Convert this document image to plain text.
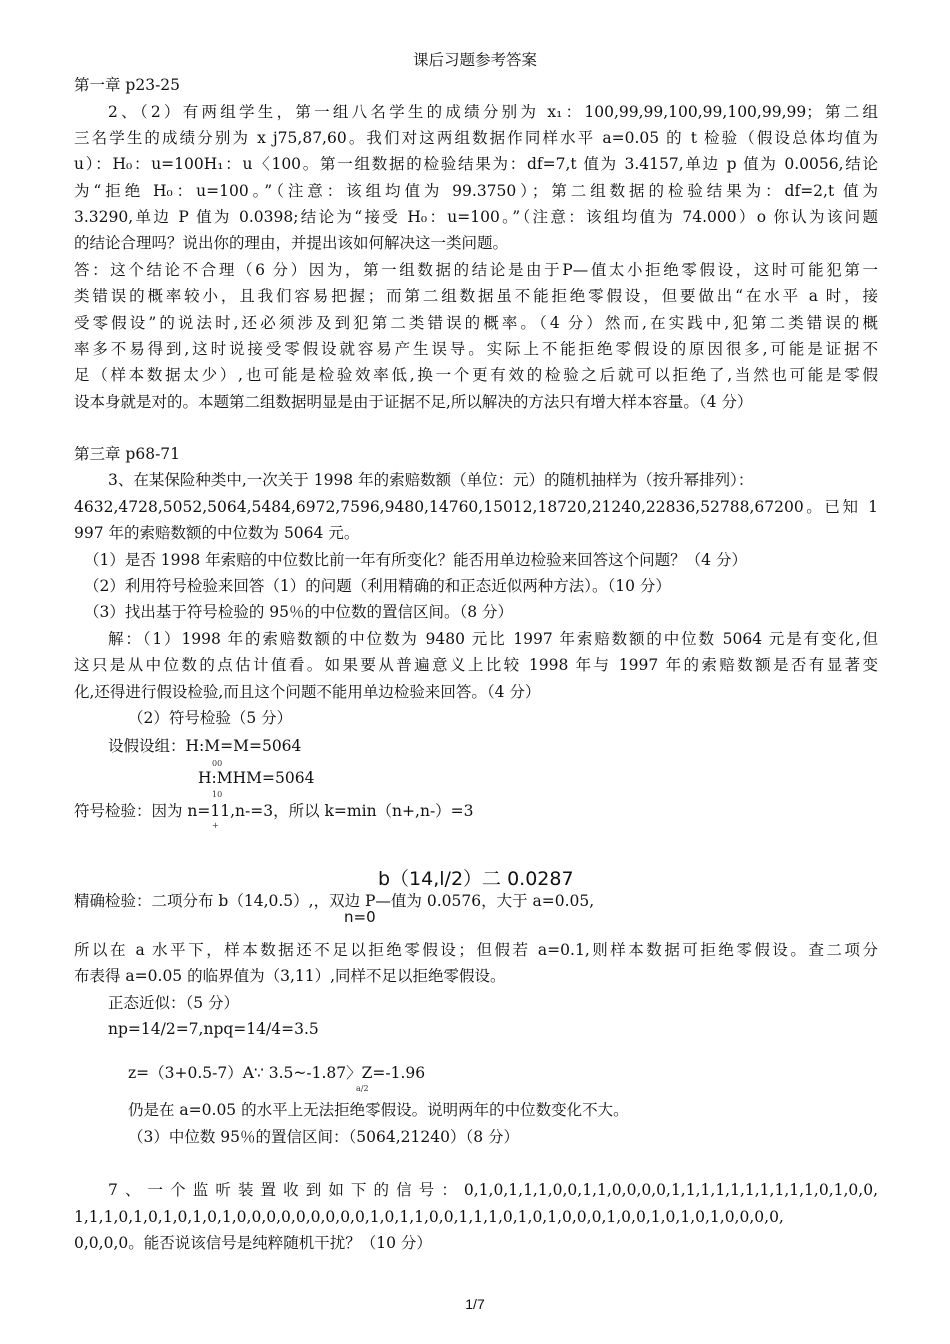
课后习题参考答案
第一章 p23-25
2、（2）有两组学生，第一组八名学生的成绩分别为 x₁：100,99,99,100,99,100,99,99；第二组
三名学生的成绩分别为 x j75,87,60。我们对这两组数据作同样水平 a=0.05 的 t 检验（假设总体均值为
u）：H₀：u=100H₁：u〈100。第一组数据的检验结果为：df=7,t 值为 3.4157,单边 p 值为 0.0056,结论
为“拒绝 H₀：u=100。”（注意：该组均值为 99.3750）；第二组数据的检验结果为：df=2,t 值为
3.3290,单边 P 值为 0.0398;结论为“接受 H₀：u=100。”（注意：该组均值为 74.000）o 你认为该问题
的结论合理吗？说出你的理由，并提出该如何解决这一类问题。
答：这个结论不合理（6 分）因为，第一组数据的结论是由于P—值太小拒绝零假设，这时可能犯第一
类错误的概率较小，且我们容易把握；而第二组数据虽不能拒绝零假设，但要做出“在水平 a 时，接
受零假设”的说法时,还必须涉及到犯第二类错误的概率。（4 分）然而,在实践中,犯第二类错误的概
率多不易得到,这时说接受零假设就容易产生误导。实际上不能拒绝零假设的原因很多,可能是证据不
足（样本数据太少）,也可能是检验效率低,换一个更有效的检验之后就可以拒绝了,当然也可能是零假
设本身就是对的。本题第二组数据明显是由于证据不足,所以解决的方法只有增大样本容量。（4 分）
第三章 p68-71
3、在某保险种类中,一次关于 1998 年的索赔数额（单位：元）的随机抽样为（按升幂排列）：
4632,4728,5052,5064,5484,6972,7596,9480,14760,15012,18720,21240,22836,52788,67200。已知 1
997 年的索赔数额的中位数为 5064 元。
（1）是否 1998 年索赔的中位数比前一年有所变化？能否用单边检验来回答这个问题？（4 分）
（2）利用符号检验来回答（1）的问题（利用精确的和正态近似两种方法）。（10 分）
（3）找出基于符号检验的 95％的中位数的置信区间。（8 分）
解：（1）1998 年的索赔数额的中位数为 9480 元比 1997 年索赔数额的中位数 5064 元是有变化,但
这只是从中位数的点估计值看。如果要从普遍意义上比较 1998 年与 1997 年的索赔数额是否有显著变
化,还得进行假设检验,而且这个问题不能用单边检验来回答。（4 分）
（2）符号检验（5 分）
设假设组：H:M=M=5064
00
H:MHM=5064
10
符号检验：因为 n=11,n-=3，所以 k=min（n+,n-）=3
+
b（14,l/2）二 0.0287
精确检验：二项分布 b（14,0.5）,，双边 P—值为 0.0576，大于 a=0.05,
n=0
所以在 a 水平下，样本数据还不足以拒绝零假设；但假若 a=0.1,则样本数据可拒绝零假设。查二项分
布表得 a=0.05 的临界值为（3,11）,同样不足以拒绝零假设。
正态近似：（5 分）
np=14/2=7,npq=14/4=3.5
z=（3+0.5-7）A∵ 3.5~-1.87〉Z=-1.96
a/2
仍是在 a=0.05 的水平上无法拒绝零假设。说明两年的中位数变化不大。
（3）中位数 95％的置信区间：（5064,21240）（8 分）
7、一个监听装置收到如下的信号：0,1,0,1,1,1,0,0,1,1,0,0,0,0,1,1,1,1,1,1,1,1,1,1,0,1,0,0,
1,1,1,0,1,0,1,0,1,0,1,0,0,0,0,0,0,0,0,0,1,0,1,1,0,0,1,1,1,0,1,0,1,0,0,0,1,0,0,1,0,1,0,1,0,0,0,0,
0,0,0,0。能否说该信号是纯粹随机干扰？（10 分）
1/7
